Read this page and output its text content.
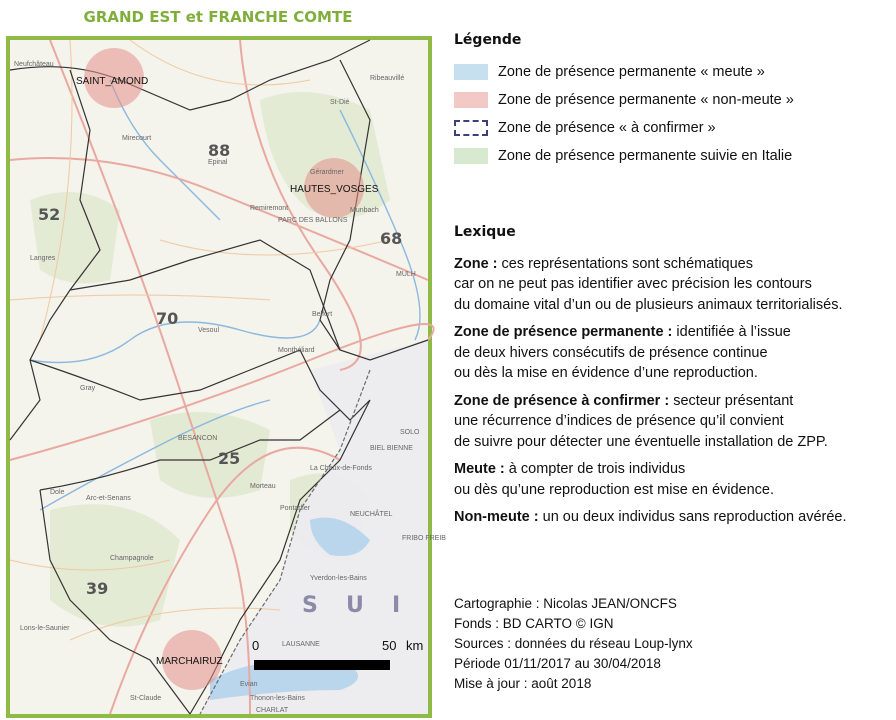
GRAND EST et FRANCHE COMTE
SAINT_AMOND
HAUTES_VOSGES
MARCHAIRUZ
88
52
68
70
25
39
Neufchâteau
Mirecourt
Epinal
Remiremont
St-Dié
Ribeauvillé
Gérardmer
Munbach
Langres
Vesoul
Belfort
Montbéliard
BESANCON
Dole
Pontarlier
Morteau
BIEL BIENNE
SOLO
NEUCHÂTEL
FRIBO FREIB
Yverdon-les-Bains
LAUSANNE
Thonon-les-Bains
Evian
St-Claude
Gray
Lons-le-Saunier
Arc-et-Senans
Champagnole
La Chaux-de-Fonds
MULH
PARC DES BALLONS
CHARLAT
S U I
0	50 km
Légende
Zone de présence permanente « meute »
Zone de présence permanente « non-meute »
Zone de présence « à confirmer »
Zone de présence permanente suivie en Italie
Lexique
Zone : ces représentations sont schématiques
car on ne peut pas identifier avec précision les contours
du domaine vital d’un ou de plusieurs animaux territorialisés.
Zone de présence permanente : identifiée à l’issue
de deux hivers consécutifs de présence continue
ou dès la mise en évidence d’une reproduction.
Zone de présence à confirmer : secteur présentant
une récurrence d’indices de présence qu’il convient
de suivre pour détecter une éventuelle installation de ZPP.
Meute : à compter de trois individus
ou dès qu’une reproduction est mise en évidence.
Non-meute : un ou deux individus sans reproduction avérée.
Cartographie : Nicolas JEAN/ONCFS
Fonds : BD CARTO © IGN
Sources : données du réseau Loup-lynx
Période 01/11/2017 au 30/04/2018
Mise à jour : août 2018
